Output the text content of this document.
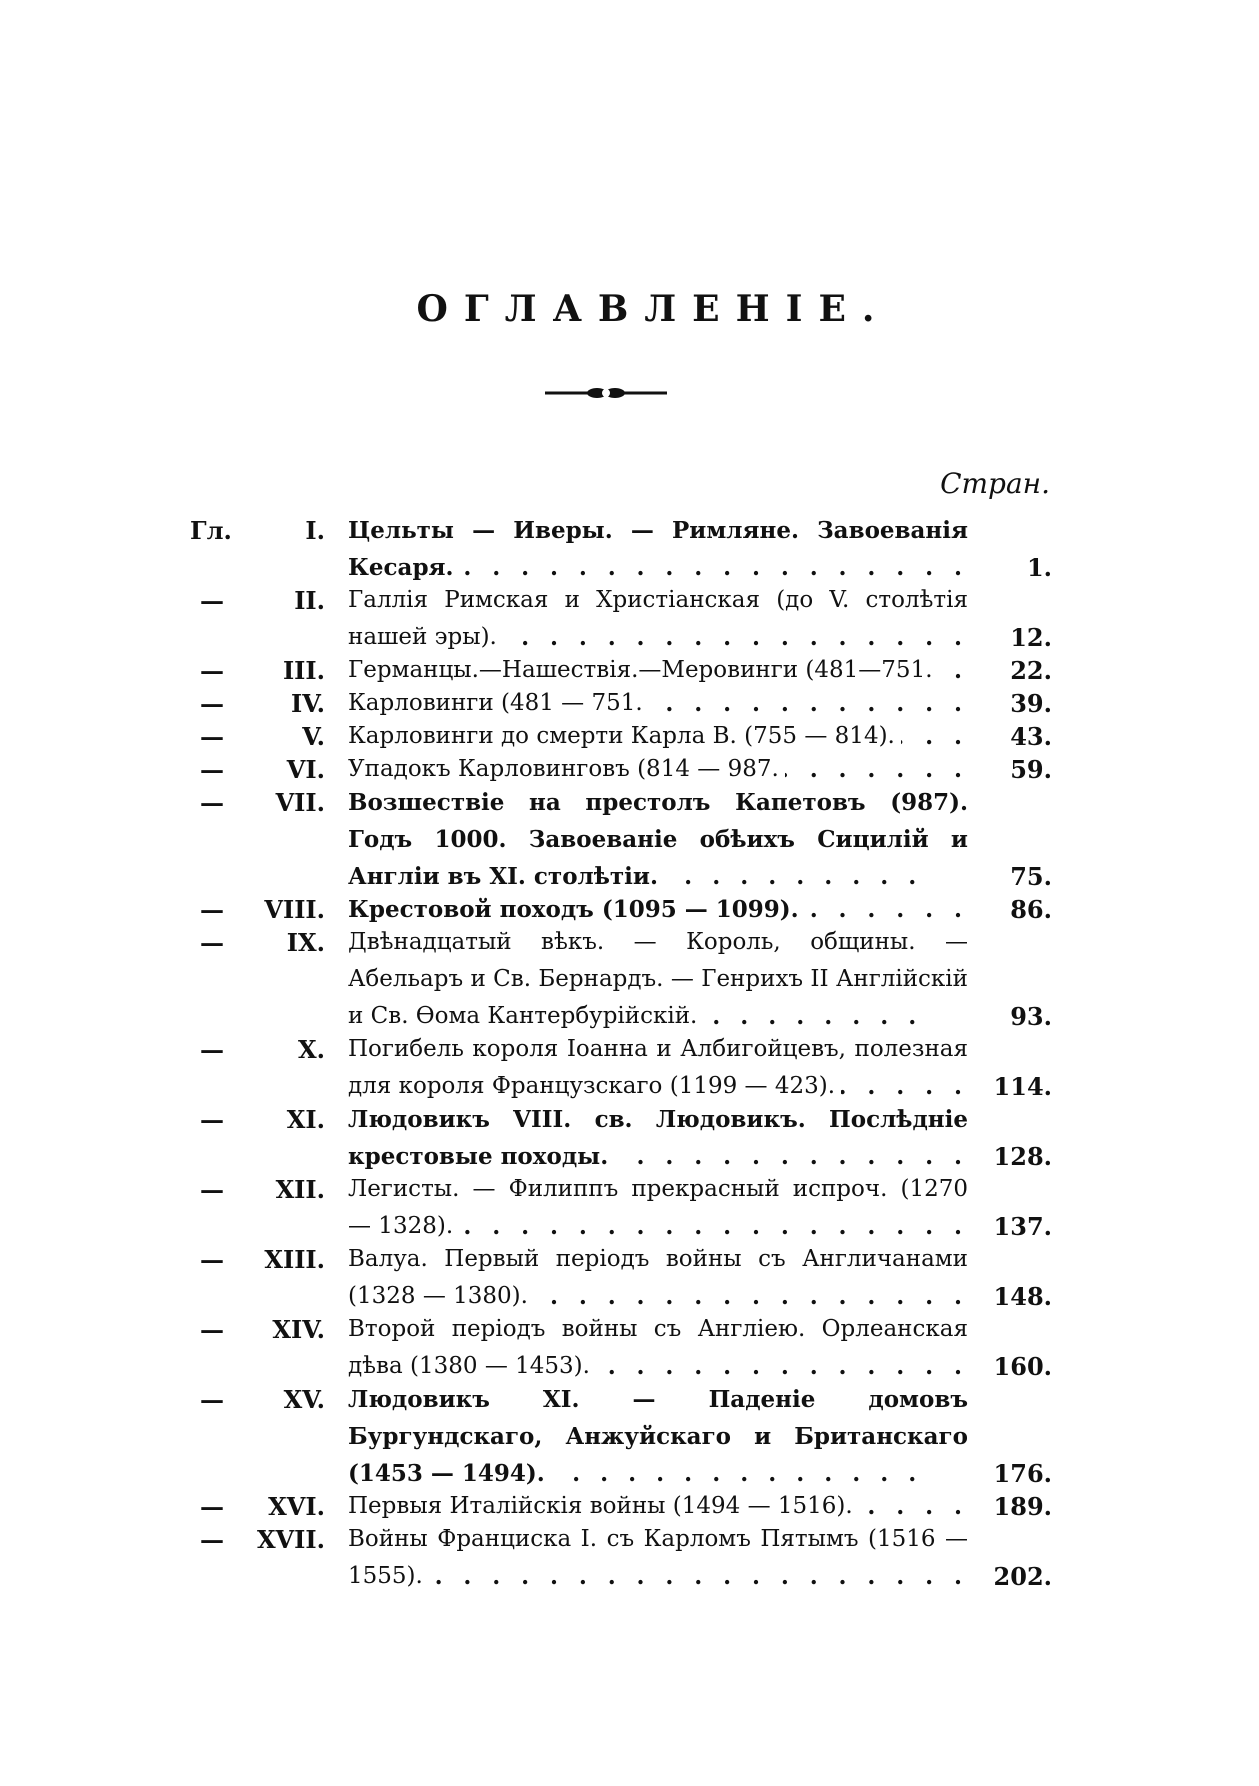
ОГЛАВЛЕНІЕ.
Стран.
Гл.	I. Цельты — Иверы. — Римляне. Завоеванія Кесаря. . . .	1.
—	II. Галлія Римская и Христіанская (до V. столѣтія нашей эры). . . .	12.
—	III. Германцы.—Нашествія.—Меровинги (481—751. . . .	22.
—	IV. Карловинги (481 — 751. . . .	39.
—	V. Карловинги до смерти Карла В. (755 — 814). . . .	43.
—	VI. Упадокъ Карловинговъ (814 — 987. . . .	59.
—	VII. Возшествіе на престолъ Капетовъ (987). Годъ 1000. Завоеваніе обѣихъ Сицилій и Англіи въ XI. столѣтіи. . . .	75.
—	VIII. Крестовой походъ (1095 — 1099). . . .	86.
—	IX. Двѣнадцатый вѣкъ. — Король, общины. — Абельаръ и Св. Бернардъ. — Генрихъ II Англійскій и Св. Ѳома Кантербурійскій. . . .	93.
—	X. Погибель короля Іоанна и Албигойцевъ, полезная для короля Французскаго (1199 — 423). . . .	114.
—	XI. Людовикъ VIII. св. Людовикъ. Послѣдніе крестовые походы. . . .	128.
—	XII. Легисты. — Филиппъ прекрасный испроч. (1270 — 1328). . . .	137.
—	XIII. Валуа. Первый періодъ войны съ Англичанами (1328 — 1380). . . .	148.
—	XIV. Второй періодъ войны съ Англіею. Орлеанская дѣва (1380 — 1453). . . .	160.
—	XV. Людовикъ XI. — Паденіе домовъ Бургундскаго, Анжуйскаго и Британскаго (1453 — 1494). . . .	176.
—	XVI. Первыя Италійскія войны (1494 — 1516). . . .	189.
—	XVII. Войны Франциска I. съ Карломъ Пятымъ (1516 — 1555). . . .	202.
